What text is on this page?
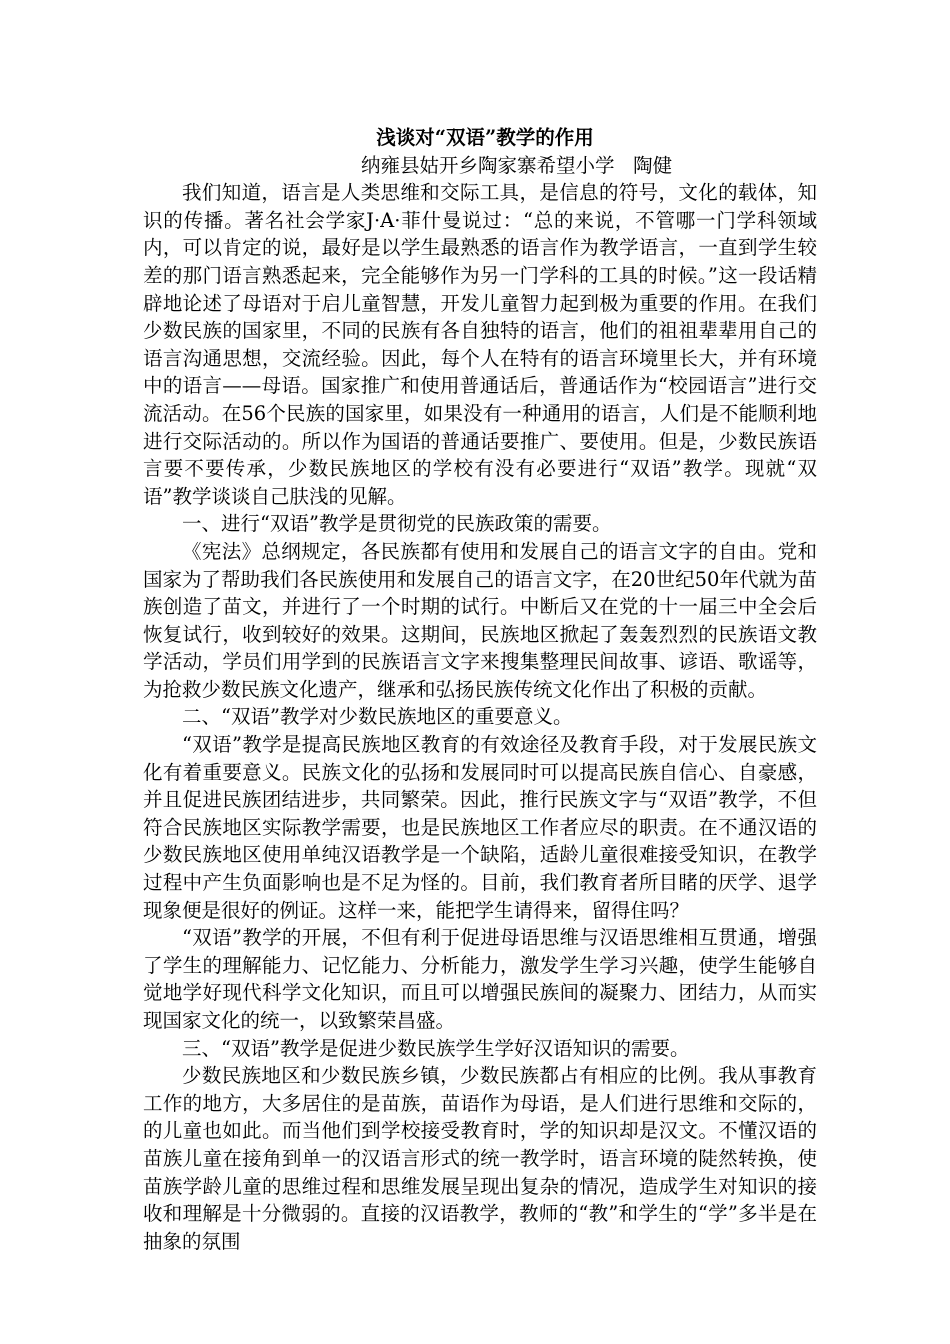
浅谈对“双语”教学的作用

纳雍县姑开乡陶家寨希望小学   陶健

我们知道，语言是人类思维和交际工具，是信息的符号，文化的载体，知识的传播。著名社会学家J·A·菲什曼说过：“总的来说，不管哪一门学科领域内，可以肯定的说，最好是以学生最熟悉的语言作为教学语言，一直到学生较差的那门语言熟悉起来，完全能够作为另一门学科的工具的时候。”这一段话精辟地论述了母语对于启儿童智慧，开发儿童智力起到极为重要的作用。在我们少数民族的国家里，不同的民族有各自独特的语言，他们的祖祖辈辈用自己的语言沟通思想，交流经验。因此，每个人在特有的语言环境里长大，并有环境中的语言——母语。国家推广和使用普通话后，普通话作为“校园语言”进行交流活动。在56个民族的国家里，如果没有一种通用的语言，人们是不能顺利地进行交际活动的。所以作为国语的普通话要推广、要使用。但是，少数民族语言要不要传承，少数民族地区的学校有没有必要进行“双语”教学。现就“双语”教学谈谈自己肤浅的见解。

一、进行“双语”教学是贯彻党的民族政策的需要。

《宪法》总纲规定，各民族都有使用和发展自己的语言文字的自由。党和国家为了帮助我们各民族使用和发展自己的语言文字，在20世纪50年代就为苗族创造了苗文，并进行了一个时期的试行。中断后又在党的十一届三中全会后恢复试行，收到较好的效果。这期间，民族地区掀起了轰轰烈烈的民族语文教学活动，学员们用学到的民族语言文字来搜集整理民间故事、谚语、歌谣等，为抢救少数民族文化遗产，继承和弘扬民族传统文化作出了积极的贡献。

二、“双语”教学对少数民族地区的重要意义。

“双语”教学是提高民族地区教育的有效途径及教育手段，对于发展民族文化有着重要意义。民族文化的弘扬和发展同时可以提高民族自信心、自豪感，并且促进民族团结进步，共同繁荣。因此，推行民族文字与“双语”教学，不但符合民族地区实际教学需要，也是民族地区工作者应尽的职责。在不通汉语的少数民族地区使用单纯汉语教学是一个缺陷，适龄儿童很难接受知识，在教学过程中产生负面影响也是不足为怪的。目前，我们教育者所目睹的厌学、退学现象便是很好的例证。这样一来，能把学生请得来，留得住吗？

“双语”教学的开展，不但有利于促进母语思维与汉语思维相互贯通，增强了学生的理解能力、记忆能力、分析能力，激发学生学习兴趣，使学生能够自觉地学好现代科学文化知识，而且可以增强民族间的凝聚力、团结力，从而实现国家文化的统一，以致繁荣昌盛。

三、“双语”教学是促进少数民族学生学好汉语知识的需要。

少数民族地区和少数民族乡镇，少数民族都占有相应的比例。我从事教育工作的地方，大多居住的是苗族，苗语作为母语，是人们进行思维和交际的，的儿童也如此。而当他们到学校接受教育时，学的知识却是汉文。不懂汉语的苗族儿童在接角到单一的汉语言形式的统一教学时，语言环境的陡然转换，使苗族学龄儿童的思维过程和思维发展呈现出复杂的情况，造成学生对知识的接收和理解是十分微弱的。直接的汉语教学，教师的“教”和学生的“学”多半是在抽象的氛围
